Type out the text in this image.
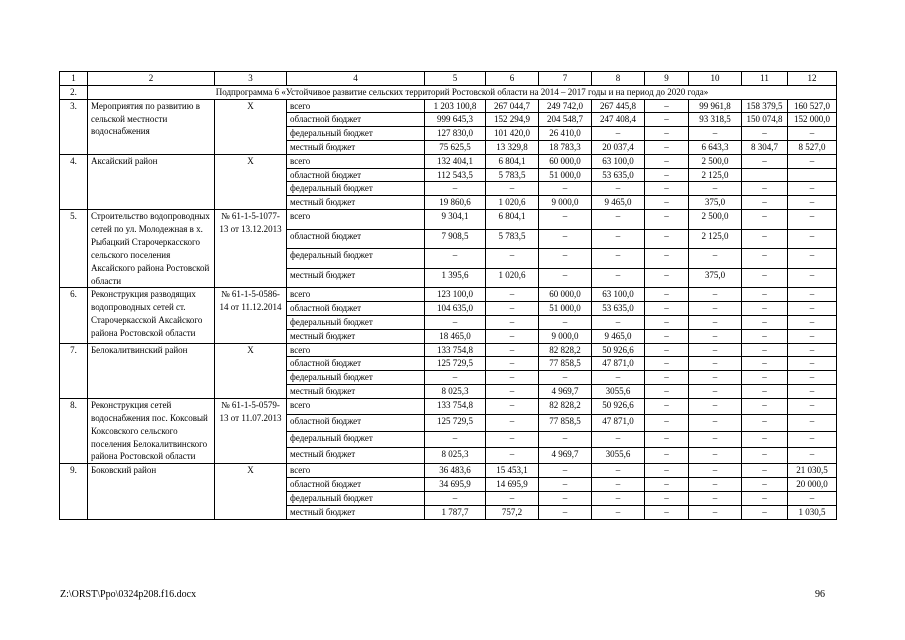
1	2	3	4	5	6	7	8	9	10	11	12
2.	Подпрограмма 6 «Устойчивое развитие сельских территорий Ростовской области на 2014 – 2017 годы и на период до 2020 года»										
3.	Мероприятия по развитию в сельской местности водоснабжения	Х	всего	1 203 100,8	267 044,7	249 742,0	267 445,8	–	99 961,8	158 379,5	160 527,0
			областной бюджет	999 645,3	152 294,9	204 548,7	247 408,4	–	93 318,5	150 074,8	152 000,0
			федеральный бюджет	127 830,0	101 420,0	26 410,0	–	–	–	–	–
			местный бюджет	75 625,5	13 329,8	18 783,3	20 037,4	–	6 643,3	8 304,7	8 527,0
4.	Аксайский район	Х	всего	132 404,1	6 804,1	60 000,0	63 100,0	–	2 500,0	–	–
			областной бюджет	112 543,5	5 783,5	51 000,0	53 635,0	–	2 125,0		
			федеральный бюджет	–	–	–	–	–	–	–	–
			местный бюджет	19 860,6	1 020,6	9 000,0	9 465,0	–	375,0	–	–
5.	Строительство водопроводных сетей по ул. Молодежная в х. Рыбацкий Старочеркасского сельского поселения Аксайского района Ростовской области	№ 61-1-5-1077-13 от 13.12.2013	всего	9 304,1	6 804,1	–	–	–	2 500,0	–	–
			областной бюджет	7 908,5	5 783,5	–	–	–	2 125,0	–	–
			федеральный бюджет	–	–	–	–	–	–	–	–
			местный бюджет	1 395,6	1 020,6	–	–	–	375,0	–	–
6.	Реконструкция разводящих водопроводных сетей ст. Старочеркасской Аксайского района Ростовской области	№ 61-1-5-0586-14 от 11.12.2014	всего	123 100,0	–	60 000,0	63 100,0	–	–	–	–
			областной бюджет	104 635,0	–	51 000,0	53 635,0	–	–	–	–
			федеральный бюджет	–	–	–	–	–	–	–	–
			местный бюджет	18 465,0	–	9 000,0	9 465,0	–	–	–	–
7.	Белокалитвинский район	Х	всего	133 754,8	–	82 828,2	50 926,6	–	–	–	–
			областной бюджет	125 729,5	–	77 858,5	47 871,0	–	–	–	–
			федеральный бюджет	–	–	–	–	–	–	–	–
			местный бюджет	8 025,3	–	4 969,7	3055,6	–	–	–	–
8.	Реконструкция сетей водоснабжения пос. Коксовый Коксовского сельского поселения Белокалитвинского района Ростовской области	№ 61-1-5-0579-13 от 11.07.2013	всего	133 754,8	–	82 828,2	50 926,6	–	–	–	–
			областной бюджет	125 729,5	–	77 858,5	47 871,0	–	–	–	–
			федеральный бюджет	–	–	–	–	–	–	–	–
			местный бюджет	8 025,3	–	4 969,7	3055,6	–	–	–	–
9.	Боковский район	Х	всего	36 483,6	15 453,1	–	–	–	–	–	21 030,5
			областной бюджет	34 695,9	14 695,9	–	–	–	–	–	20 000,0
			федеральный бюджет	–	–	–	–	–	–	–	–
			местный бюджет	1 787,7	757,2	–	–	–	–	–	1 030,5
Z:\ORST\Ppo\0324p208.f16.docx	96
